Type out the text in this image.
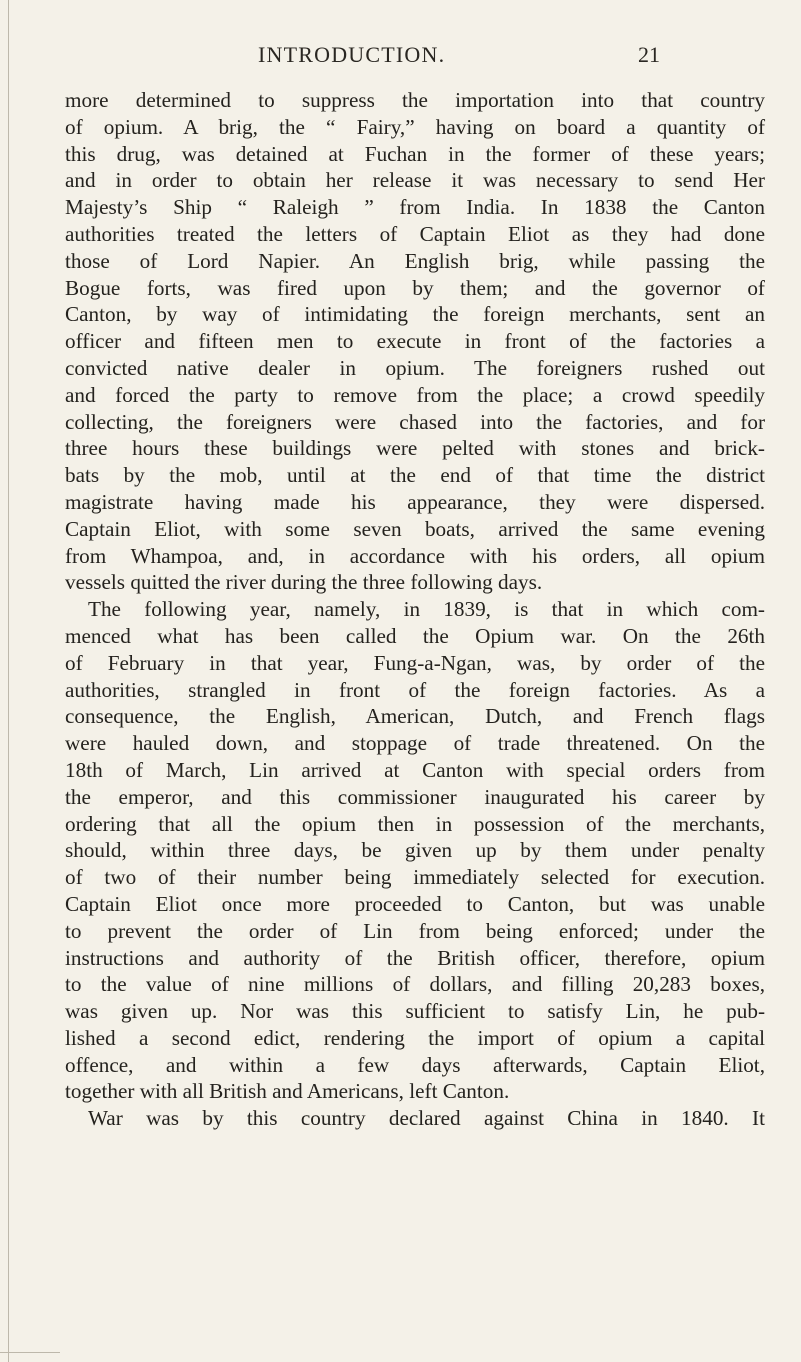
INTRODUCTION.	21
more determined to suppress the importation into that country
of opium. A brig, the “ Fairy,” having on board a quantity of
this drug, was detained at Fuchan in the former of these years;
and in order to obtain her release it was necessary to send Her
Majesty’s Ship “ Raleigh ” from India. In 1838 the Canton
authorities treated the letters of Captain Eliot as they had done
those of Lord Napier. An English brig, while passing the
Bogue forts, was fired upon by them; and the governor of
Canton, by way of intimidating the foreign merchants, sent an
officer and fifteen men to execute in front of the factories a
convicted native dealer in opium. The foreigners rushed out
and forced the party to remove from the place; a crowd speedily
collecting, the foreigners were chased into the factories, and for
three hours these buildings were pelted with stones and brick-
bats by the mob, until at the end of that time the district
magistrate having made his appearance, they were dispersed.
Captain Eliot, with some seven boats, arrived the same evening
from Whampoa, and, in accordance with his orders, all opium
vessels quitted the river during the three following days.
The following year, namely, in 1839, is that in which com-
menced what has been called the Opium war. On the 26th
of February in that year, Fung-a-Ngan, was, by order of the
authorities, strangled in front of the foreign factories. As a
consequence, the English, American, Dutch, and French flags
were hauled down, and stoppage of trade threatened. On the
18th of March, Lin arrived at Canton with special orders from
the emperor, and this commissioner inaugurated his career by
ordering that all the opium then in possession of the merchants,
should, within three days, be given up by them under penalty
of two of their number being immediately selected for execution.
Captain Eliot once more proceeded to Canton, but was unable
to prevent the order of Lin from being enforced; under the
instructions and authority of the British officer, therefore, opium
to the value of nine millions of dollars, and filling 20,283 boxes,
was given up. Nor was this sufficient to satisfy Lin, he pub-
lished a second edict, rendering the import of opium a capital
offence, and within a few days afterwards, Captain Eliot,
together with all British and Americans, left Canton.
War was by this country declared against China in 1840. It
